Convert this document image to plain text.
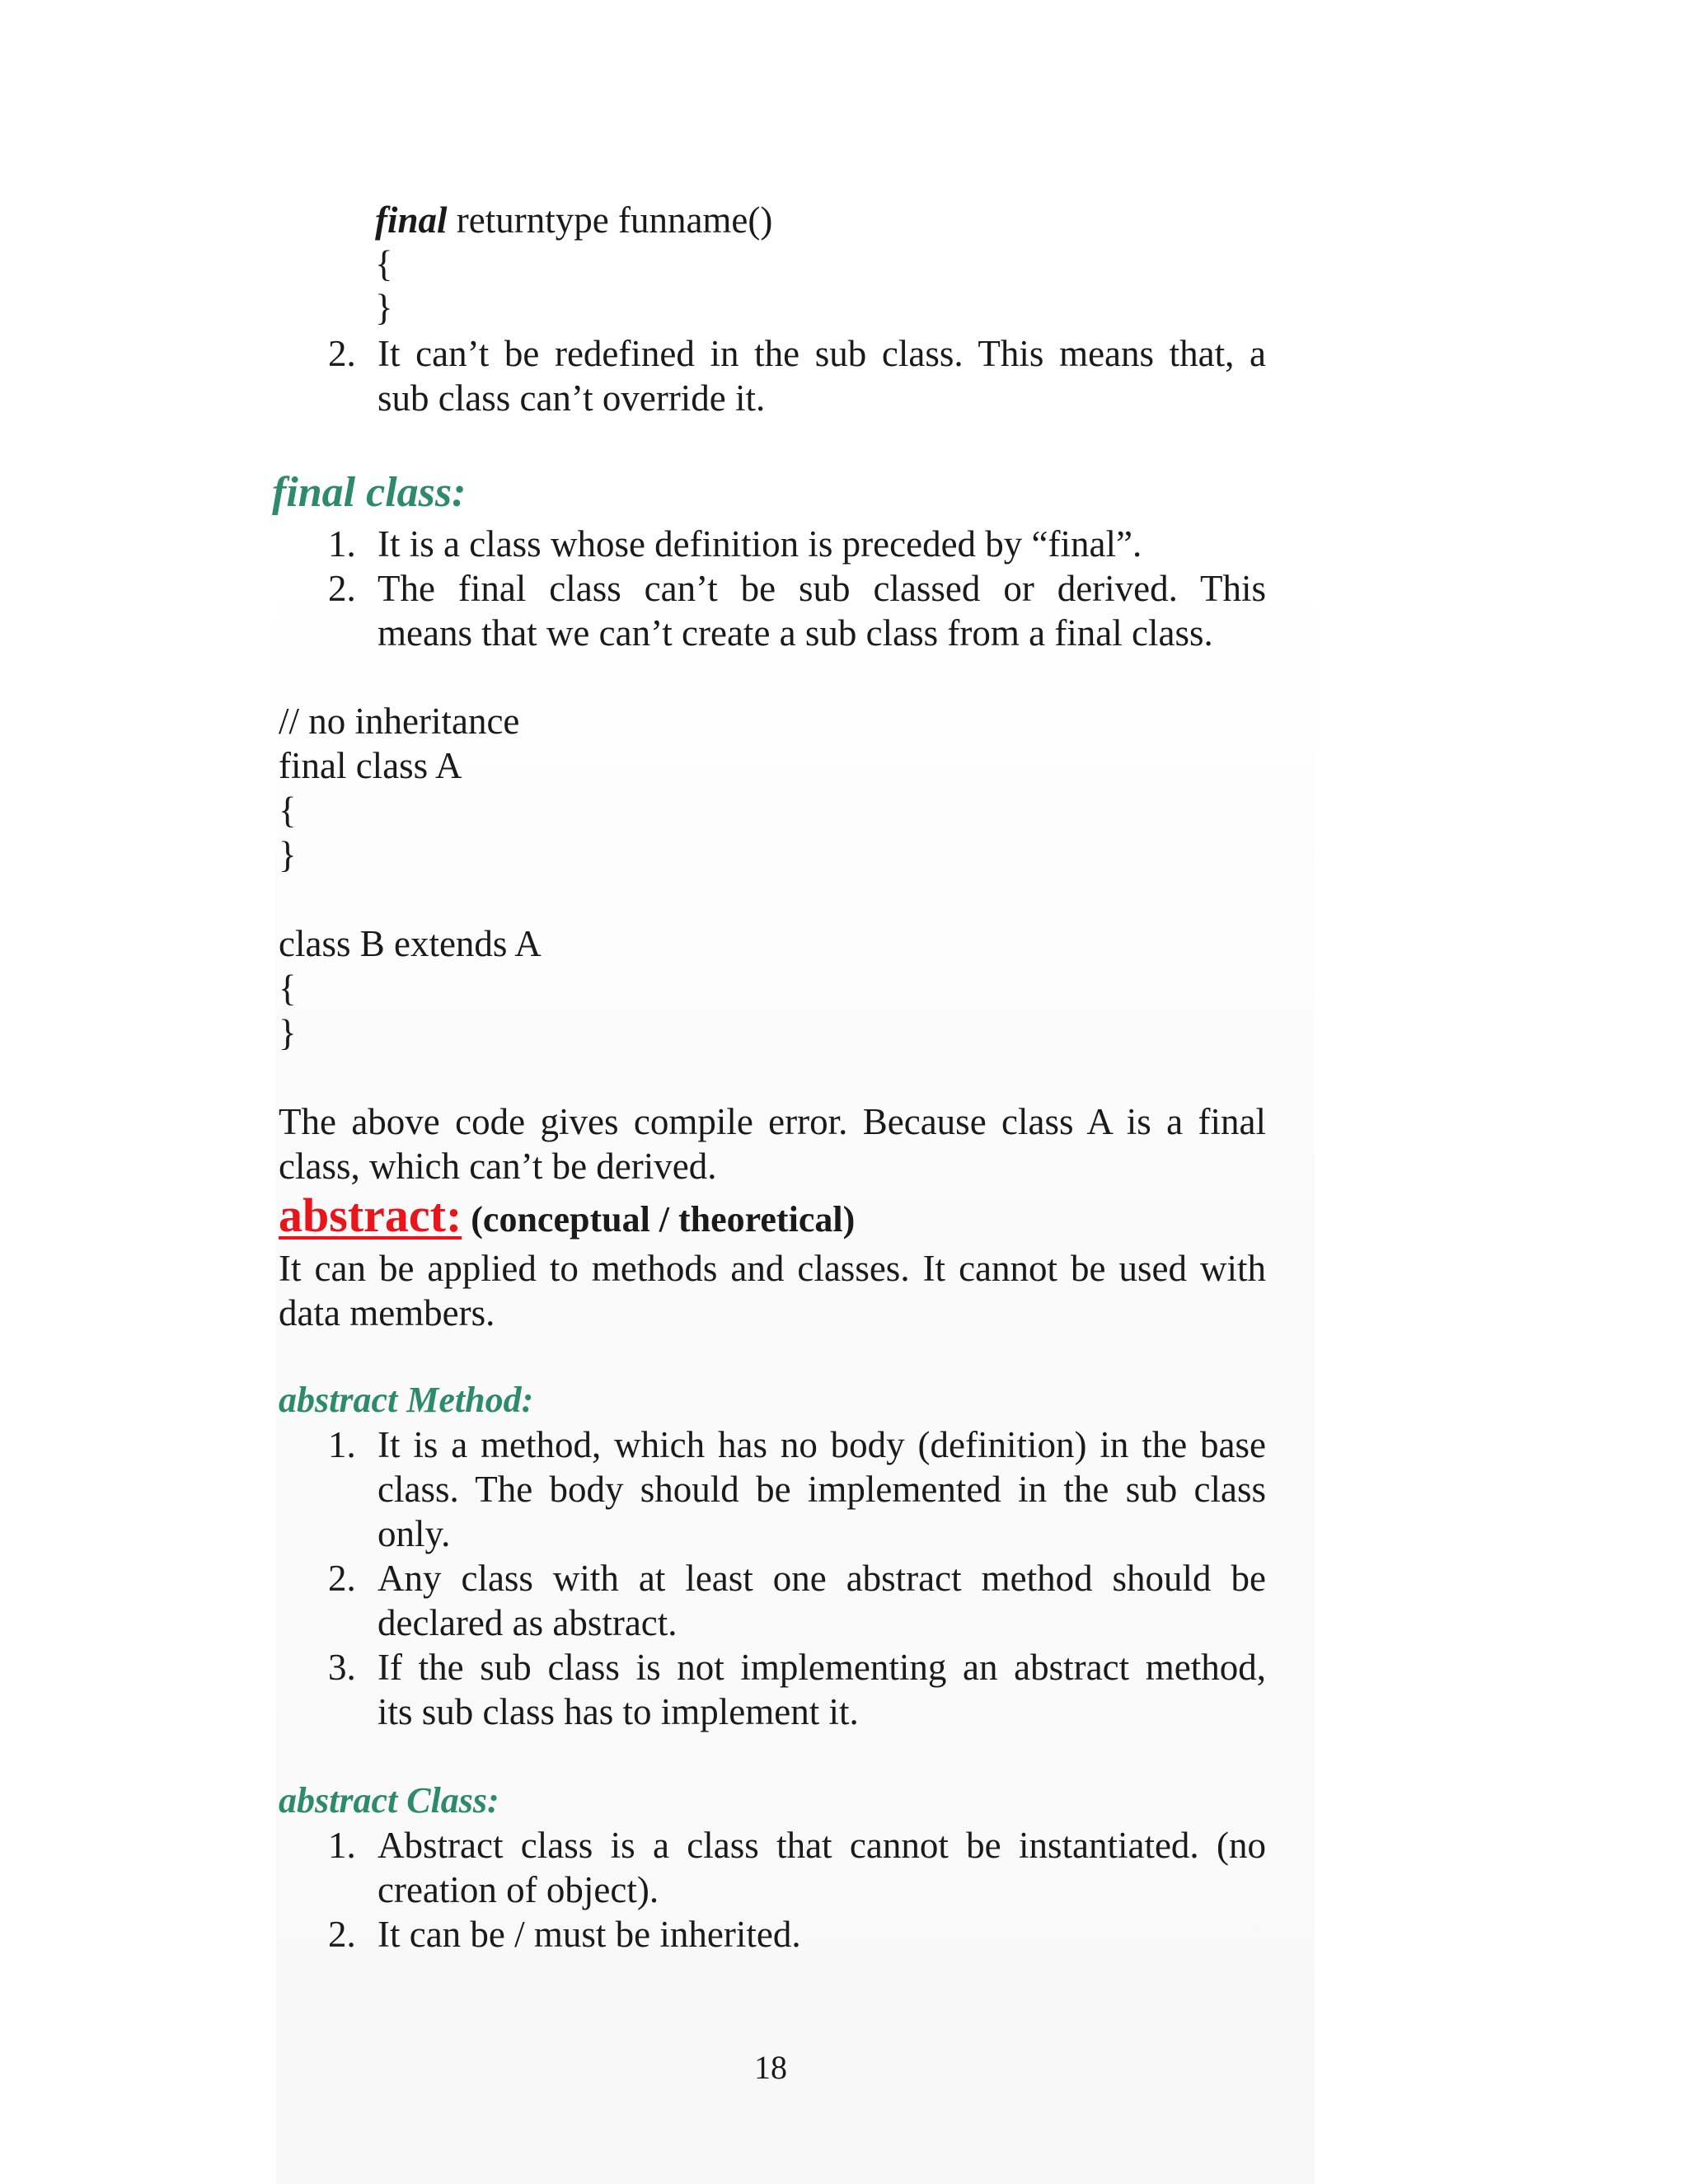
final returntype funname()
{
}
2. It can’t be redefined in the sub class. This means that, a
sub class can’t override it.
final class:
1. It is a class whose definition is preceded by “final”.
2. The final class can’t be sub classed or derived. This
means that we can’t create a sub class from a final class.
// no inheritance
final class A
{
}
class B extends A
{
}
The above code gives compile error. Because class A is a final
class, which can’t be derived.
abstract: (conceptual / theoretical)
It can be applied to methods and classes. It cannot be used with
data members.
abstract Method:
1. It is a method, which has no body (definition) in the base
class. The body should be implemented in the sub class
only.
2. Any class with at least one abstract method should be
declared as abstract.
3. If the sub class is not implementing an abstract method,
its sub class has to implement it.
abstract Class:
1. Abstract class is a class that cannot be instantiated. (no
creation of object).
2. It can be / must be inherited.
18
